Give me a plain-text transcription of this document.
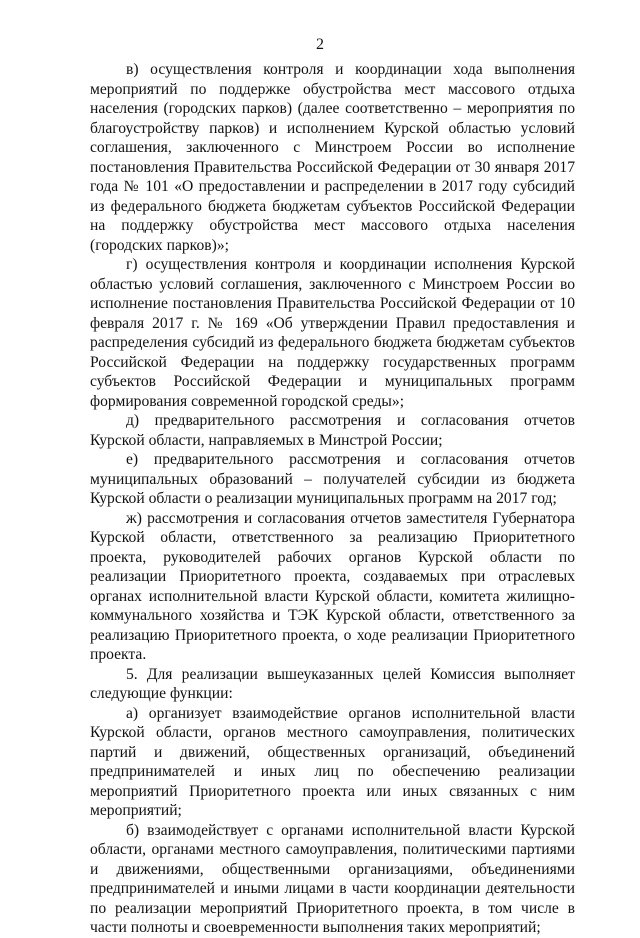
2

в) осуществления контроля и координации хода выполнения мероприятий по поддержке обустройства мест массового отдыха населения (городских парков) (далее соответственно – мероприятия по благоустройству парков) и исполнением Курской областью условий соглашения, заключенного с Минстроем России во исполнение постановления Правительства Российской Федерации от 30 января 2017 года № 101 «О предоставлении и распределении в 2017 году субсидий из федерального бюджета бюджетам субъектов Российской Федерации на поддержку обустройства мест массового отдыха населения (городских парков)»;

г) осуществления контроля и координации исполнения Курской областью условий соглашения, заключенного с Минстроем России во исполнение постановления Правительства Российской Федерации от 10 февраля 2017 г. № 169 «Об утверждении Правил предоставления и распределения субсидий из федерального бюджета бюджетам субъектов Российской Федерации на поддержку государственных программ субъектов Российской Федерации и муниципальных программ формирования современной городской среды»;

д) предварительного рассмотрения и согласования отчетов Курской области, направляемых в Минстрой России;

е) предварительного рассмотрения и согласования отчетов муниципальных образований – получателей субсидии из бюджета Курской области о реализации муниципальных программ на 2017 год;

ж) рассмотрения и согласования отчетов заместителя Губернатора Курской области, ответственного за реализацию Приоритетного проекта, руководителей рабочих органов Курской области по реализации Приоритетного проекта, создаваемых при отраслевых органах исполнительной власти Курской области, комитета жилищно-коммунального хозяйства и ТЭК Курской области, ответственного за реализацию Приоритетного проекта, о ходе реализации Приоритетного проекта.

5. Для реализации вышеуказанных целей Комиссия выполняет следующие функции:

а) организует взаимодействие органов исполнительной власти Курской области, органов местного самоуправления, политических партий и движений, общественных организаций, объединений предпринимателей и иных лиц по обеспечению реализации мероприятий Приоритетного проекта или иных связанных с ним мероприятий;

б) взаимодействует с органами исполнительной власти Курской области, органами местного самоуправления, политическими партиями и движениями, общественными организациями, объединениями предпринимателей и иными лицами в части координации деятельности по реализации мероприятий Приоритетного проекта, в том числе в части полноты и своевременности выполнения таких мероприятий;
